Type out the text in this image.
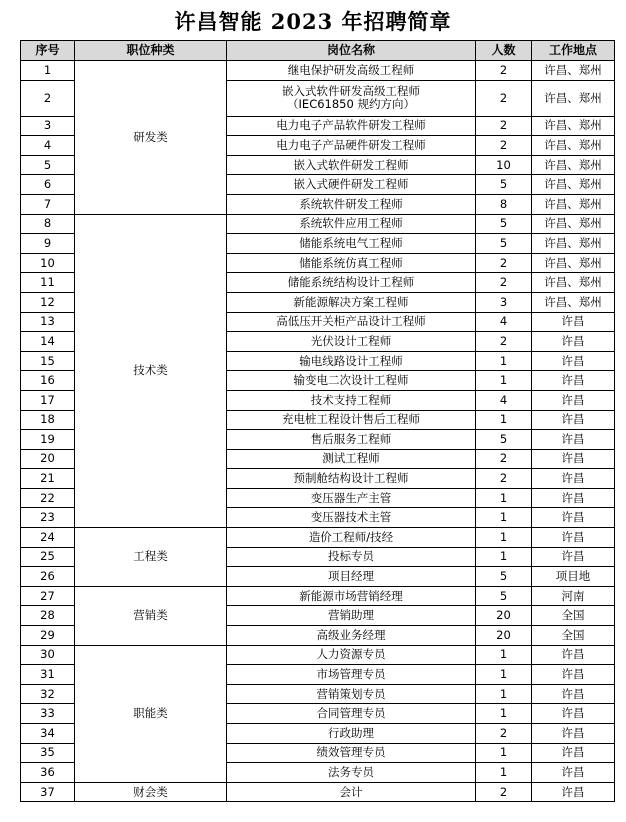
许昌智能 2023 年招聘简章
序号	职位种类	岗位名称	人数	工作地点
1	研发类	继电保护研发高级工程师	2	许昌、郑州
2		嵌入式软件研发高级工程师
（IEC61850 规约方向）	2	许昌、郑州
3		电力电子产品软件研发工程师	2	许昌、郑州
4		电力电子产品硬件研发工程师	2	许昌、郑州
5		嵌入式软件研发工程师	10	许昌、郑州
6		嵌入式硬件研发工程师	5	许昌、郑州
7		系统软件研发工程师	8	许昌、郑州
8	技术类	系统软件应用工程师	5	许昌、郑州
9		储能系统电气工程师	5	许昌、郑州
10		储能系统仿真工程师	2	许昌、郑州
11		储能系统结构设计工程师	2	许昌、郑州
12		新能源解决方案工程师	3	许昌、郑州
13		高低压开关柜产品设计工程师	4	许昌
14		光伏设计工程师	2	许昌
15		输电线路设计工程师	1	许昌
16		输变电二次设计工程师	1	许昌
17		技术支持工程师	4	许昌
18		充电桩工程设计售后工程师	1	许昌
19		售后服务工程师	5	许昌
20		测试工程师	2	许昌
21		预制舱结构设计工程师	2	许昌
22		变压器生产主管	1	许昌
23		变压器技术主管	1	许昌
24	工程类	造价工程师/技经	1	许昌
25		投标专员	1	许昌
26		项目经理	5	项目地
27	营销类	新能源市场营销经理	5	河南
28		营销助理	20	全国
29		高级业务经理	20	全国
30	职能类	人力资源专员	1	许昌
31		市场管理专员	1	许昌
32		营销策划专员	1	许昌
33		合同管理专员	1	许昌
34		行政助理	2	许昌
35		绩效管理专员	1	许昌
36		法务专员	1	许昌
37	财会类	会计	2	许昌
